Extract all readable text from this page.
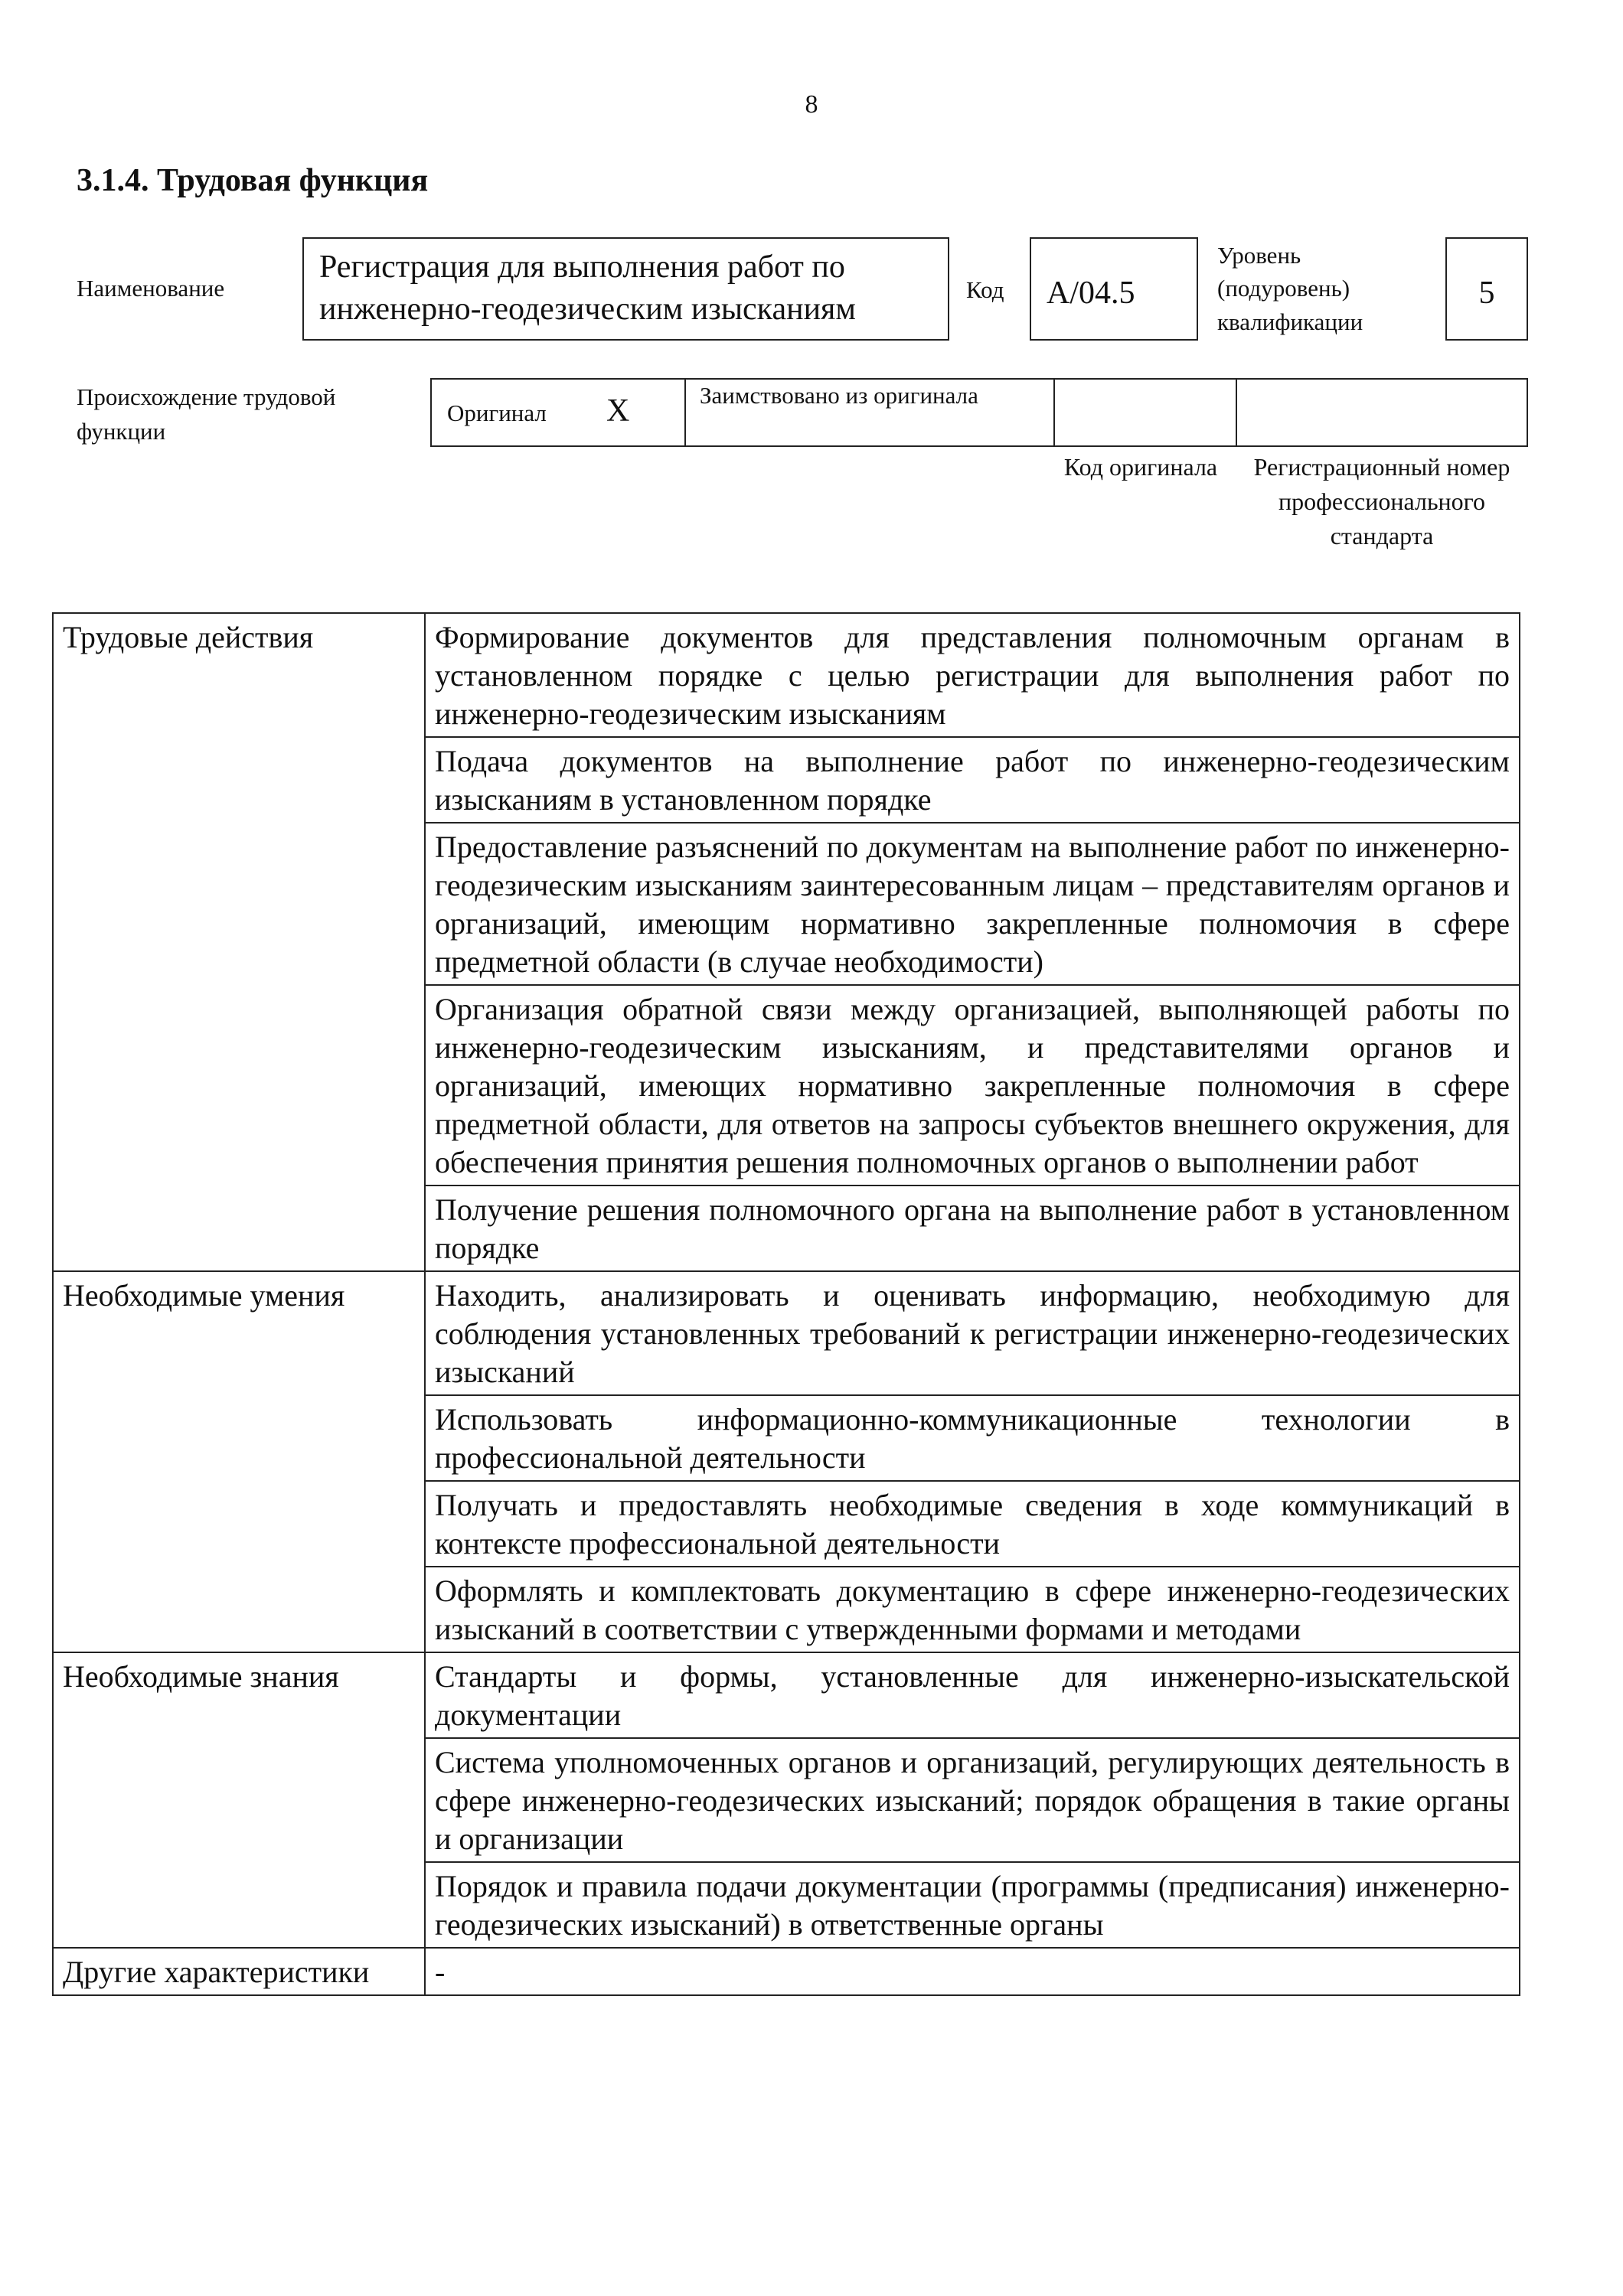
8
3.1.4. Трудовая функция
Наименование
Регистрация для выполнения работ по инженерно-геодезическим изысканиям
Код А/04.5
Уровень (подуровень) квалификации
5
Происхождение трудовой функции
Оригинал Х	Заимствовано из оригинала
Код оригинала	Регистрационный номер профессионального стандарта
Трудовые действия	Формирование документов для представления полномочным органам в установленном порядке с целью регистрации для выполнения работ по инженерно-геодезическим изысканиям
	Подача документов на выполнение работ по инженерно-геодезическим изысканиям в установленном порядке
	Предоставление разъяснений по документам на выполнение работ по инженерно-геодезическим изысканиям заинтересованным лицам – представителям органов и организаций, имеющим нормативно закрепленные полномочия в сфере предметной области (в случае необходимости)
	Организация обратной связи между организацией, выполняющей работы по инженерно-геодезическим изысканиям, и представителями органов и организаций, имеющих нормативно закрепленные полномочия в сфере предметной области, для ответов на запросы субъектов внешнего окружения, для обеспечения принятия решения полномочных органов о выполнении работ
	Получение решения полномочного органа на выполнение работ в установленном порядке
Необходимые умения	Находить, анализировать и оценивать информацию, необходимую для соблюдения установленных требований к регистрации инженерно-геодезических изысканий
	Использовать информационно-коммуникационные технологии в профессиональной деятельности
	Получать и предоставлять необходимые сведения в ходе коммуникаций в контексте профессиональной деятельности
	Оформлять и комплектовать документацию в сфере инженерно-геодезических изысканий в соответствии с утвержденными формами и методами
Необходимые знания	Стандарты и формы, установленные для инженерно-изыскательской документации
	Система уполномоченных органов и организаций, регулирующих деятельность в сфере инженерно-геодезических изысканий; порядок обращения в такие органы и организации
	Порядок и правила подачи документации (программы (предписания) инженерно-геодезических изысканий) в ответственные органы
Другие характеристики	-
